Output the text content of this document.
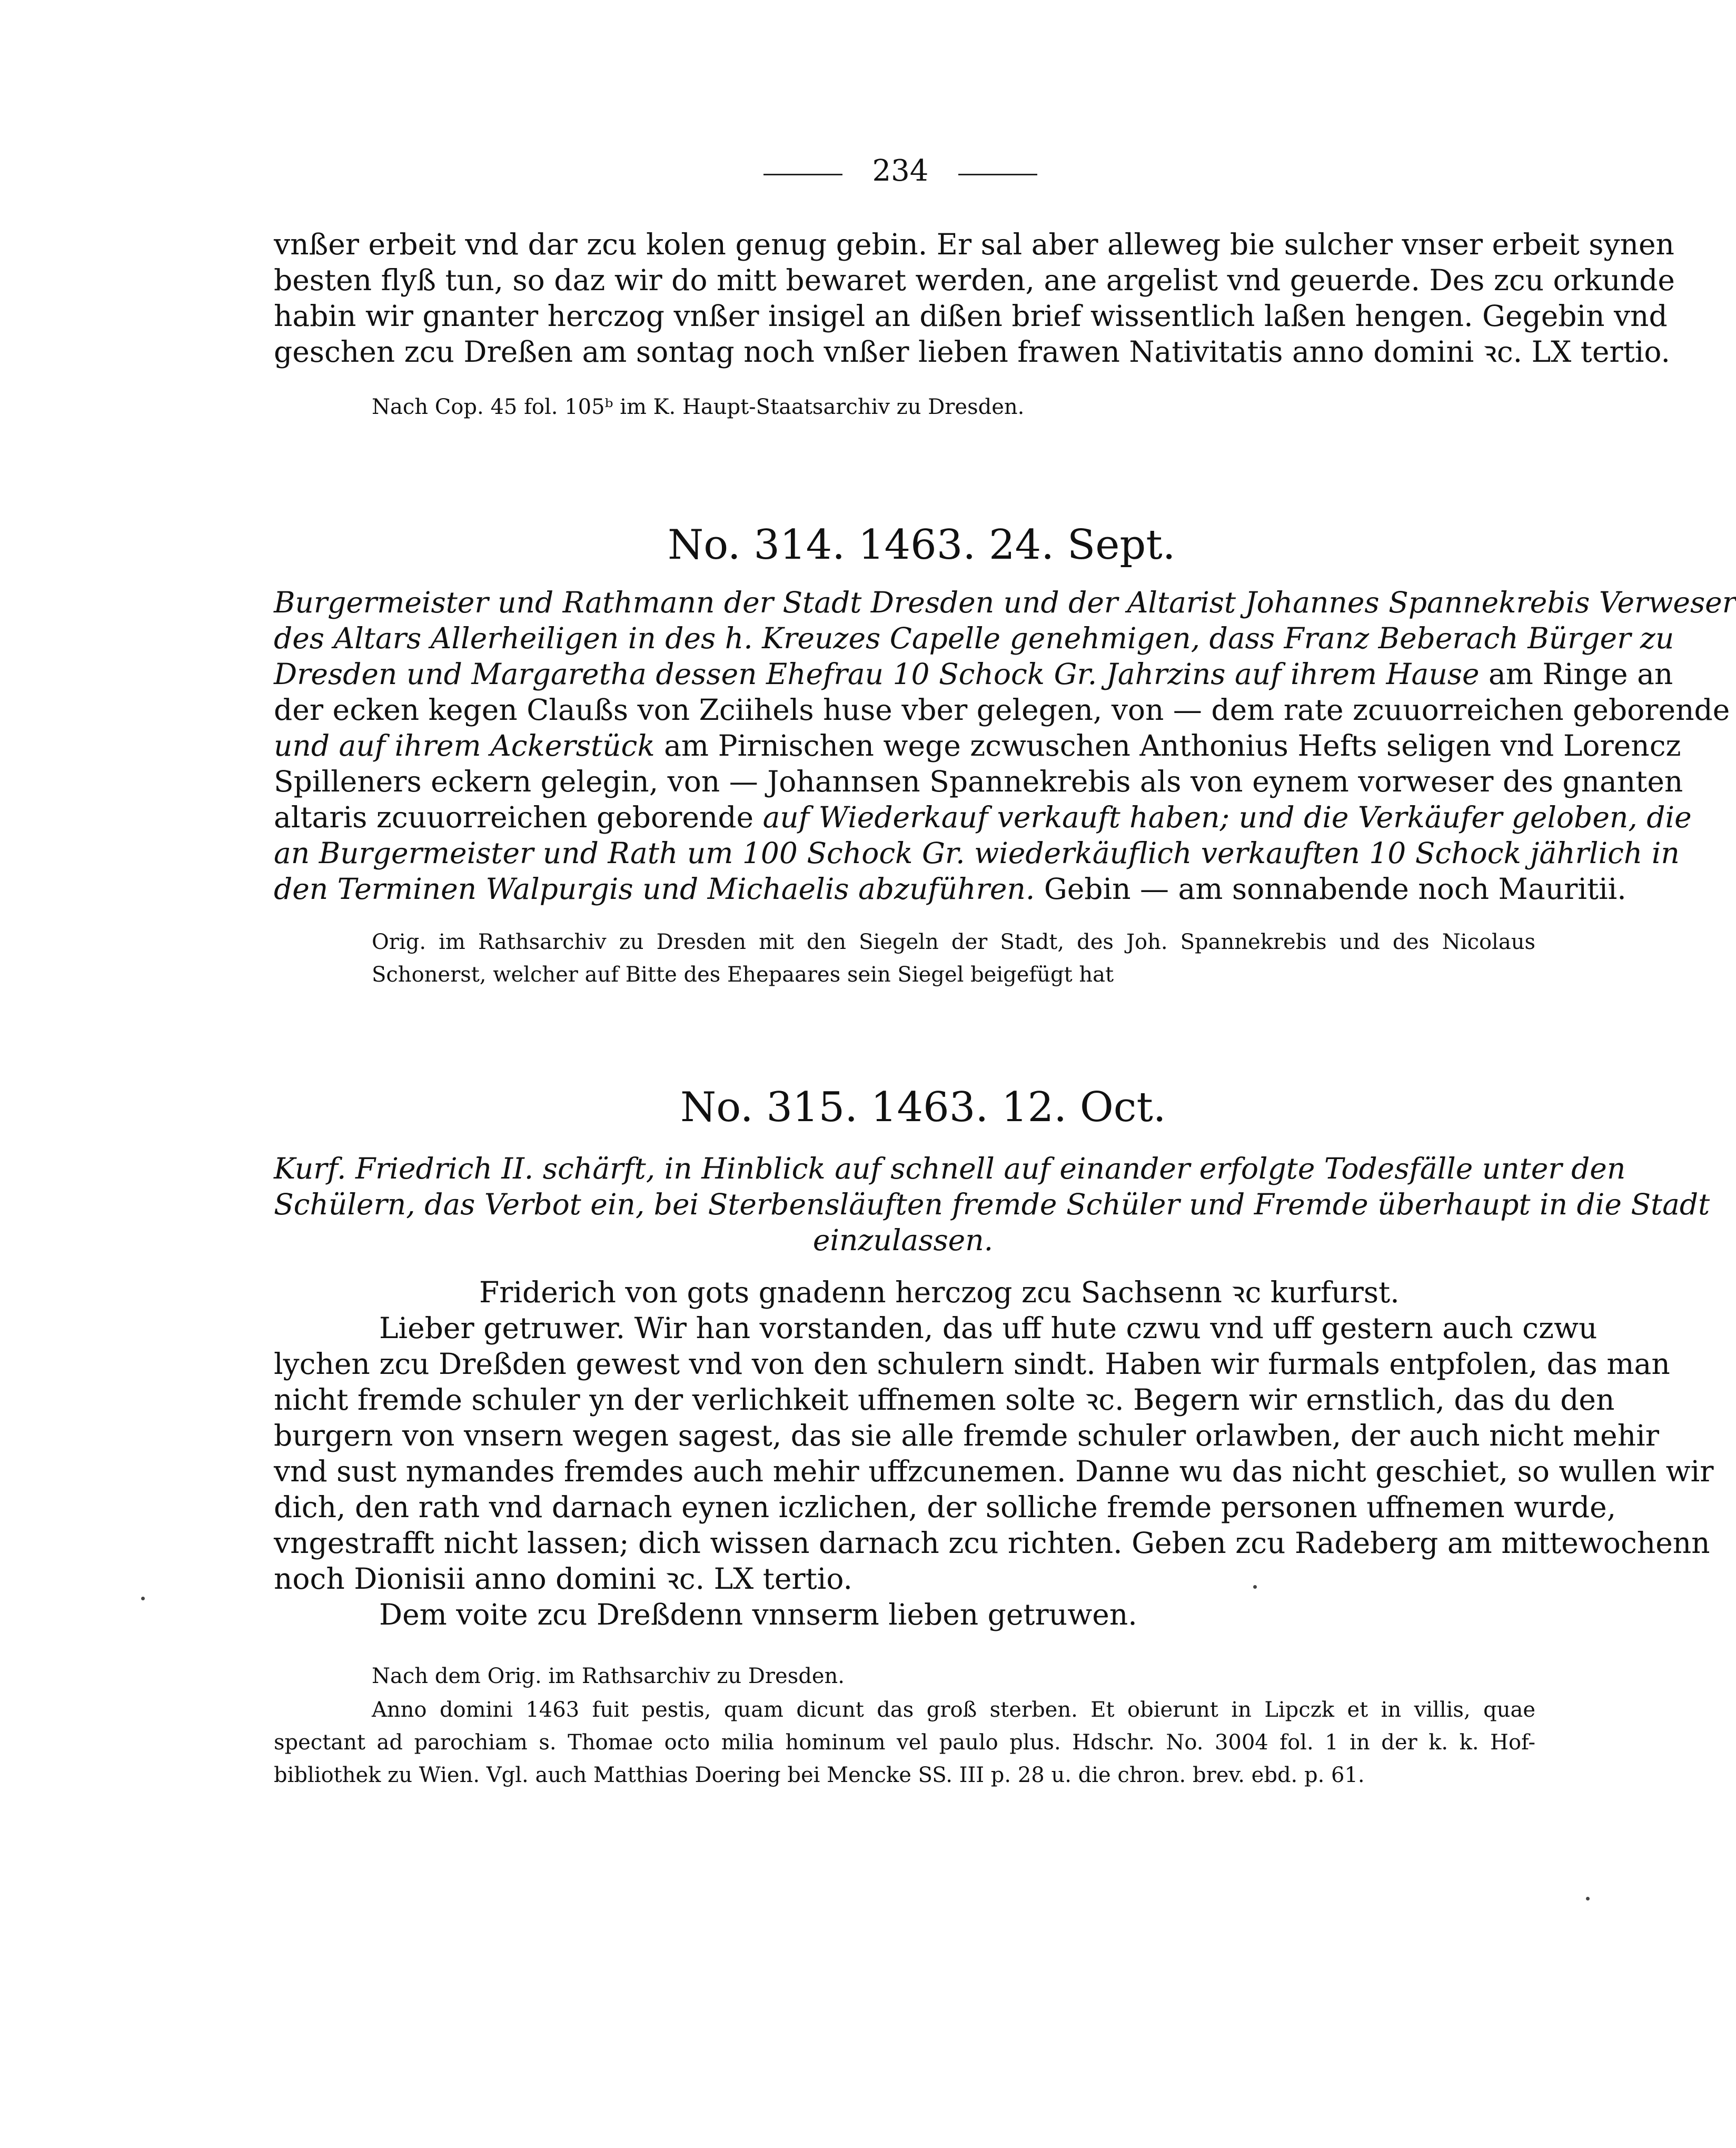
234
vnßer erbeit vnd dar zcu kolen genug gebin. Er sal aber alleweg bie sulcher vnser erbeit synen
besten flyß tun, so daz wir do mitt bewaret werden, ane argelist vnd geuerde. Des zcu orkunde
habin wir gnanter herczog vnßer insigel an dißen brief wissentlich laßen hengen. Gegebin vnd
geschen zcu Dreßen am sontag noch vnßer lieben frawen Nativitatis anno domini ꝛc. LX tertio.
Nach Cop. 45 fol. 105ᵇ im K. Haupt-Staatsarchiv zu Dresden.
No. 314. 1463. 24. Sept.
Burgermeister und Rathmann der Stadt Dresden und der Altarist Johannes Spannekrebis Verweser
des Altars Allerheiligen in des h. Kreuzes Capelle genehmigen, dass Franz Beberach Bürger zu
Dresden und Margaretha dessen Ehefrau 10 Schock Gr. Jahrzins auf ihrem Hause am Ringe an
der ecken kegen Claußs von Zciihels huse vber gelegen, von — dem rate zcuuorreichen geborende
und auf ihrem Ackerstück am Pirnischen wege zcwuschen Anthonius Hefts seligen vnd Lorencz
Spilleners eckern gelegin, von — Johannsen Spannekrebis als von eynem vorweser des gnanten
altaris zcuuorreichen geborende auf Wiederkauf verkauft haben; und die Verkäufer geloben, die
an Burgermeister und Rath um 100 Schock Gr. wiederkäuflich verkauften 10 Schock jährlich in
den Terminen Walpurgis und Michaelis abzuführen. Gebin — am sonnabende noch Mauritii.
Orig. im Rathsarchiv zu Dresden mit den Siegeln der Stadt, des Joh. Spannekrebis und des Nicolaus
Schonerst, welcher auf Bitte des Ehepaares sein Siegel beigefügt hat
No. 315. 1463. 12. Oct.
Kurf. Friedrich II. schärft, in Hinblick auf schnell auf einander erfolgte Todesfälle unter den
Schülern, das Verbot ein, bei Sterbensläuften fremde Schüler und Fremde überhaupt in die Stadt
einzulassen.
Friderich von gots gnadenn herczog zcu Sachsenn ꝛc kurfurst.
Lieber getruwer. Wir han vorstanden, das uff hute czwu vnd uff gestern auch czwu
lychen zcu Dreßden gewest vnd von den schulern sindt. Haben wir furmals entpfolen, das man
nicht fremde schuler yn der verlichkeit uffnemen solte ꝛc. Begern wir ernstlich, das du den
burgern von vnsern wegen sagest, das sie alle fremde schuler orlawben, der auch nicht mehir
vnd sust nymandes fremdes auch mehir uffzcunemen. Danne wu das nicht geschiet, so wullen wir
dich, den rath vnd darnach eynen iczlichen, der solliche fremde personen uffnemen wurde,
vngestrafft nicht lassen; dich wissen darnach zcu richten. Geben zcu Radeberg am mittewochenn
noch Dionisii anno domini ꝛc. LX tertio.
Dem voite zcu Dreßdenn vnnserm lieben getruwen.
Nach dem Orig. im Rathsarchiv zu Dresden.
Anno domini 1463 fuit pestis, quam dicunt das groß sterben. Et obierunt in Lipczk et in villis, quae
spectant ad parochiam s. Thomae octo milia hominum vel paulo plus. Hdschr. No. 3004 fol. 1 in der k. k. Hof-
bibliothek zu Wien. Vgl. auch Matthias Doering bei Mencke SS. III p. 28 u. die chron. brev. ebd. p. 61.
